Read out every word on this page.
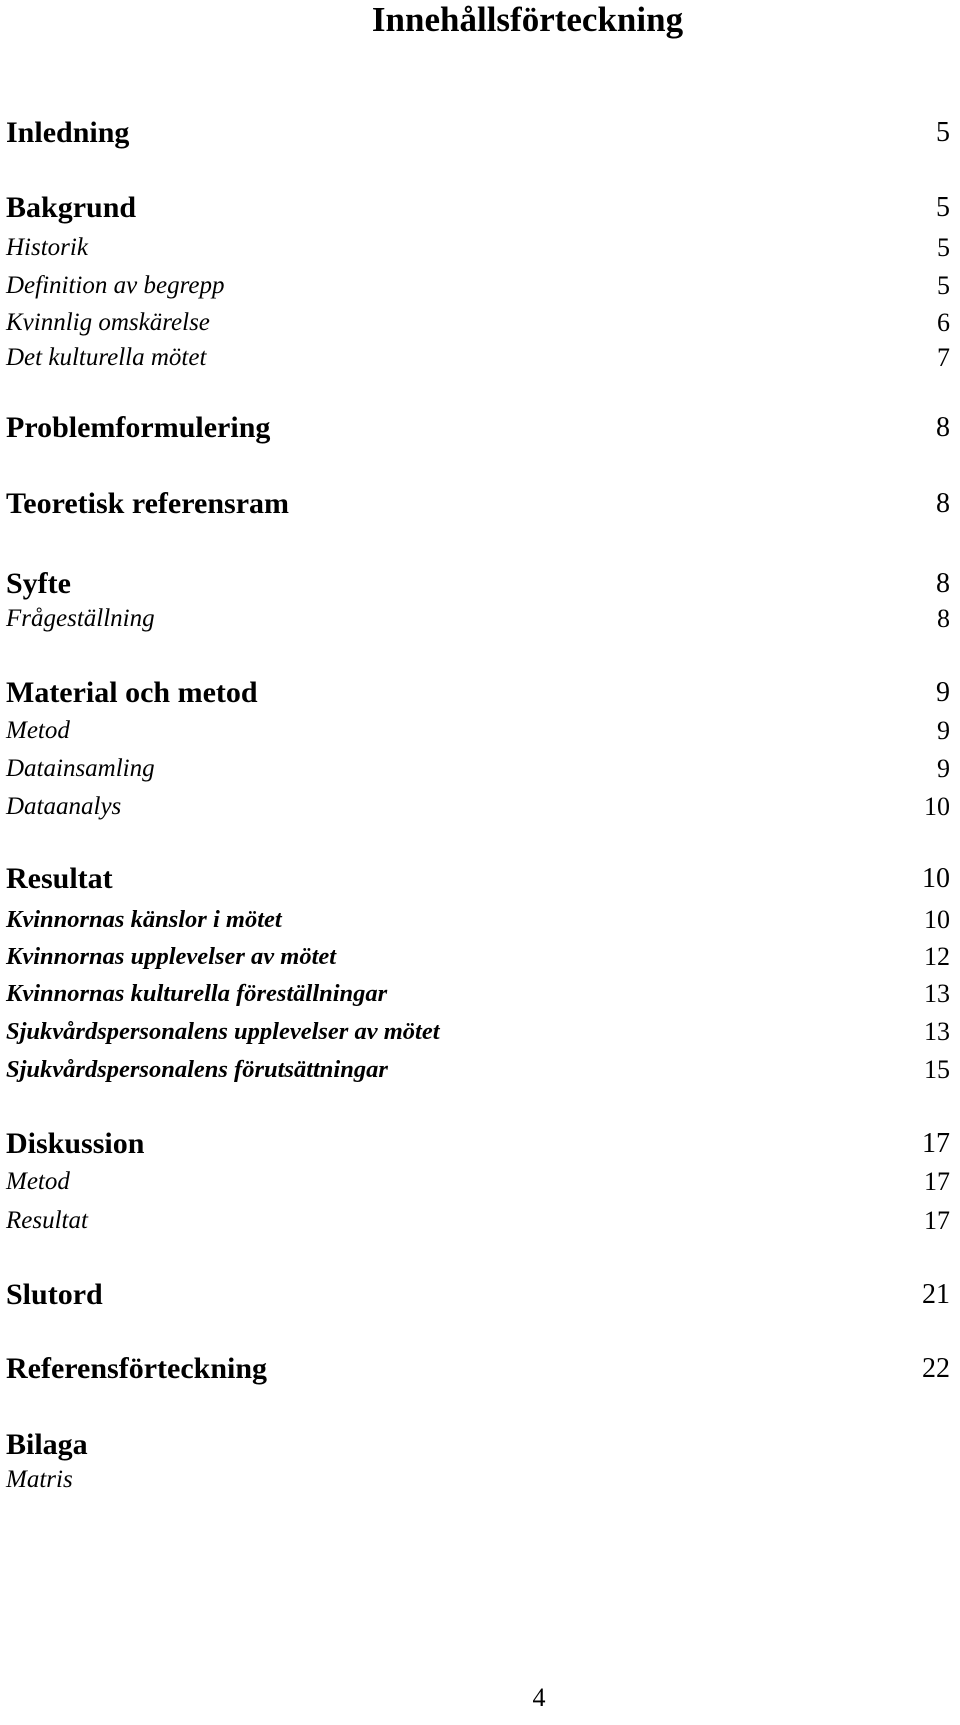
Innehållsförteckning
Inledning	5
Bakgrund	5
Historik	5
Definition av begrepp	5
Kvinnlig omskärelse	6
Det kulturella mötet	7
Problemformulering	8
Teoretisk referensram	8
Syfte	8
Frågeställning	8
Material och metod	9
Metod	9
Datainsamling	9
Dataanalys	10
Resultat	10
Kvinnornas känslor i mötet	10
Kvinnornas upplevelser av mötet	12
Kvinnornas kulturella föreställningar	13
Sjukvårdspersonalens upplevelser av mötet	13
Sjukvårdspersonalens förutsättningar	15
Diskussion	17
Metod	17
Resultat	17
Slutord	21
Referensförteckning	22
Bilaga
Matris
4
